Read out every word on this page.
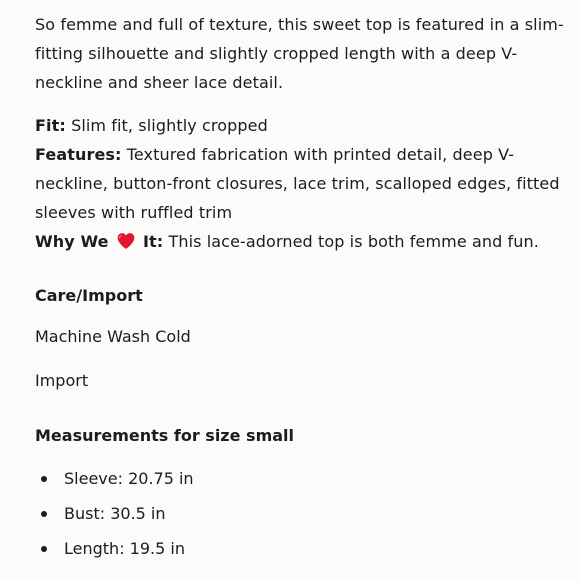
So femme and full of texture, this sweet top is featured in a slim-fitting silhouette and slightly cropped length with a deep V-neckline and sheer lace detail.

Fit: Slim fit, slightly cropped

Features: Textured fabrication with printed detail, deep V-neckline, button-front closures, lace trim, scalloped edges, fitted sleeves with ruffled trim

Why We It: This lace-adorned top is both femme and fun.

Care/Import

Machine Wash Cold

Import

Measurements for size small

Sleeve: 20.75 in
Bust: 30.5 in
Length: 19.5 in
